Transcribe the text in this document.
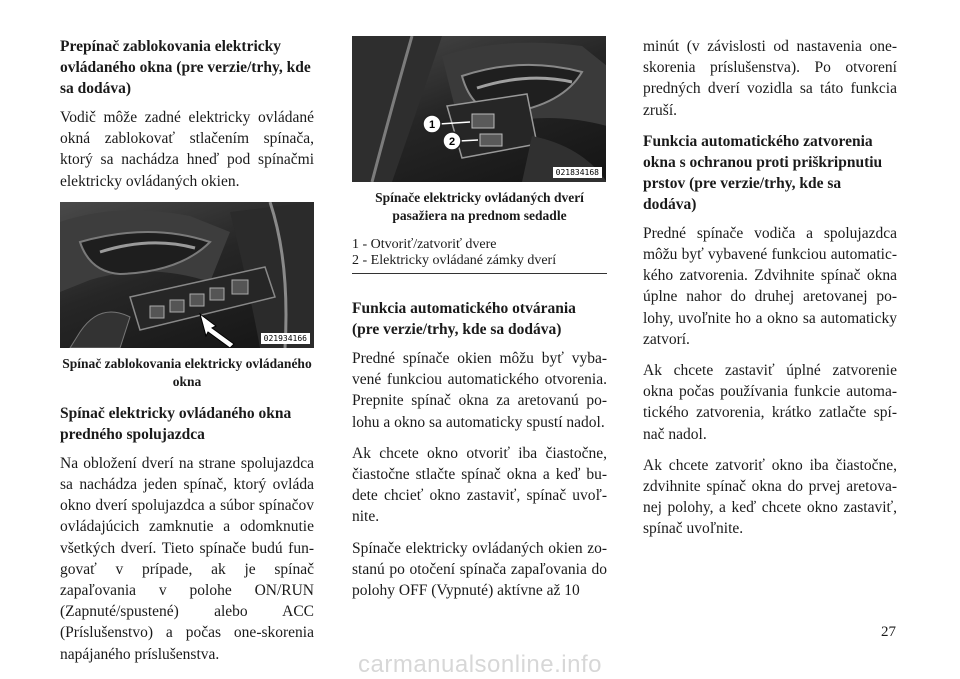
Prepínač zablokovania elektricky ovládaného okna (pre verzie/trhy, kde sa dodáva)

Vodič môže zadné elektricky ovládané okná zablokovať stlačením spínača, ktorý sa nachádza hneď pod spínačmi elektricky ovládaných okien.

021934166
Spínač zablokovania elektricky ovládaného okna
Spínač elektricky ovládaného okna predného spolujazdca

Na obložení dverí na strane spolujazdca sa nachádza jeden spínač, ktorý ovláda okno dverí spolujazdca a súbor spínačov ovládajúcich zamknutie a odomknutie všetkých dverí. Tieto spínače budú fun-govať v prípade, ak je spínač zapaľovania v polohe ON/RUN (Zapnuté/spustené) alebo ACC (Príslušenstvo) a počas one-skorenia napájaného príslušenstva.

1
2
021834168
Spínače elektricky ovládaných dverí pasažiera na prednom sedadle
1 - Otvoriť/zatvoriť dvere
2 - Elektricky ovládané zámky dverí
Funkcia automatického otvárania (pre verzie/trhy, kde sa dodáva)

Predné spínače okien môžu byť vyba-vené funkciou automatického otvorenia. Prepnite spínač okna za aretovanú po-lohu a okno sa automaticky spustí nadol.

Ak chcete okno otvoriť iba čiastočne, čiastočne stlačte spínač okna a keď bu-dete chcieť okno zastaviť, spínač uvoľ-nite.

Spínače elektricky ovládaných okien zo-stanú po otočení spínača zapaľovania do polohy OFF (Vypnuté) aktívne až 10

minút (v závislosti od nastavenia one-skorenia príslušenstva). Po otvorení predných dverí vozidla sa táto funkcia zruší.

Funkcia automatického zatvorenia okna s ochranou proti priškripnutiu prstov (pre verzie/trhy, kde sa dodáva)

Predné spínače vodiča a spolujazdca môžu byť vybavené funkciou automatic-kého zatvorenia. Zdvihnite spínač okna úplne nahor do druhej aretovanej po-lohy, uvoľnite ho a okno sa automaticky zatvorí.

Ak chcete zastaviť úplné zatvorenie okna počas používania funkcie automa-tického zatvorenia, krátko zatlačte spí-nač nadol.

Ak chcete zatvoriť okno iba čiastočne, zdvihnite spínač okna do prvej aretova-nej polohy, a keď chcete okno zastaviť, spínač uvoľnite.

27
carmanualsonline.info
